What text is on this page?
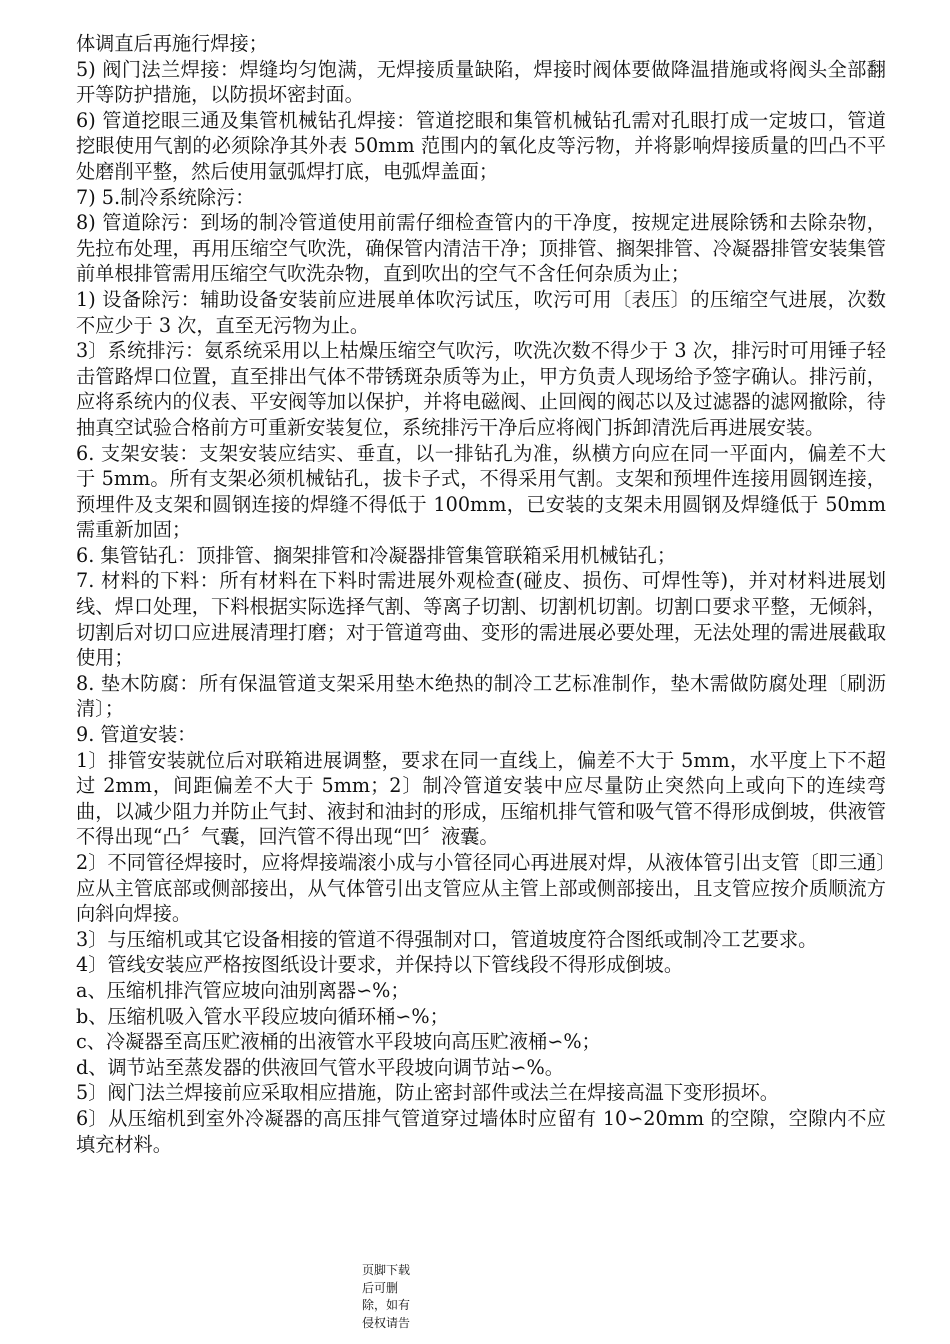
体调直后再施行焊接；

5) 阀门法兰焊接：焊缝均匀饱满，无焊接质量缺陷，焊接时阀体要做降温措施或将阀头全部翻开等防护措施，以防损坏密封面。

6) 管道挖眼三通及集管机械钻孔焊接：管道挖眼和集管机械钻孔需对孔眼打成一定坡口，管道挖眼使用气割的必须除净其外表 50mm 范围内的氧化皮等污物，并将影响焊接质量的凹凸不平处磨削平整，然后使用氩弧焊打底，电弧焊盖面；

7) 5.制冷系统除污：

8) 管道除污：到场的制冷管道使用前需仔细检查管内的干净度，按规定进展除锈和去除杂物，先拉布处理，再用压缩空气吹洗，确保管内清洁干净；顶排管、搁架排管、冷凝器排管安装集管前单根排管需用压缩空气吹洗杂物，直到吹出的空气不含任何杂质为止；

1) 设备除污：辅助设备安装前应进展单体吹污试压，吹污可用〔表压〕的压缩空气进展，次数不应少于 3 次，直至无污物为止。

3〕系统排污：氨系统采用以上枯燥压缩空气吹污，吹洗次数不得少于 3 次，排污时可用锤子轻击管路焊口位置，直至排出气体不带锈斑杂质等为止，甲方负责人现场给予签字确认。排污前，应将系统内的仪表、平安阀等加以保护，并将电磁阀、止回阀的阀芯以及过滤器的滤网撤除，待抽真空试验合格前方可重新安装复位，系统排污干净后应将阀门拆卸清洗后再进展安装。

6. 支架安装：支架安装应结实、垂直，以一排钻孔为准，纵横方向应在同一平面内，偏差不大于 5mm。所有支架必须机械钻孔，拔卡子式，不得采用气割。支架和预埋件连接用圆钢连接，预埋件及支架和圆钢连接的焊缝不得低于 100mm，已安装的支架未用圆钢及焊缝低于 50mm 需重新加固；

6. 集管钻孔：顶排管、搁架排管和冷凝器排管集管联箱采用机械钻孔；

7. 材料的下料：所有材料在下料时需进展外观检查(碰皮、损伤、可焊性等)，并对材料进展划线、焊口处理，下料根据实际选择气割、等离子切割、切割机切割。切割口要求平整，无倾斜，切割后对切口应进展清理打磨；对于管道弯曲、变形的需进展必要处理，无法处理的需进展截取使用；

8. 垫木防腐：所有保温管道支架采用垫木绝热的制冷工艺标准制作，垫木需做防腐处理〔刷沥清〕；

9. 管道安装：

1〕排管安装就位后对联箱进展调整，要求在同一直线上，偏差不大于 5mm，水平度上下不超过 2mm，间距偏差不大于 5mm；2〕制冷管道安装中应尽量防止突然向上或向下的连续弯曲，以减少阻力并防止气封、液封和油封的形成，压缩机排气管和吸气管不得形成倒坡，供液管不得出现“凸〞气囊，回汽管不得出现“凹〞液囊。

2〕不同管径焊接时，应将焊接端滚小成与小管径同心再进展对焊，从液体管引出支管〔即三通〕应从主管底部或侧部接出，从气体管引出支管应从主管上部或侧部接出，且支管应按介质顺流方向斜向焊接。

3〕与压缩机或其它设备相接的管道不得强制对口，管道坡度符合图纸或制冷工艺要求。

4〕管线安装应严格按图纸设计要求，并保持以下管线段不得形成倒坡。

a、压缩机排汽管应坡向油别离器∽%；

b、压缩机吸入管水平段应坡向循环桶∽%；

c、冷凝器至高压贮液桶的出液管水平段坡向高压贮液桶∽%；

d、调节站至蒸发器的供液回气管水平段坡向调节站∽%。

5〕阀门法兰焊接前应采取相应措施，防止密封部件或法兰在焊接高温下变形损坏。

6〕从压缩机到室外冷凝器的高压排气管道穿过墙体时应留有 10∽20mm 的空隙，空隙内不应填充材料。

页脚下载后可删除，如有侵权请告
